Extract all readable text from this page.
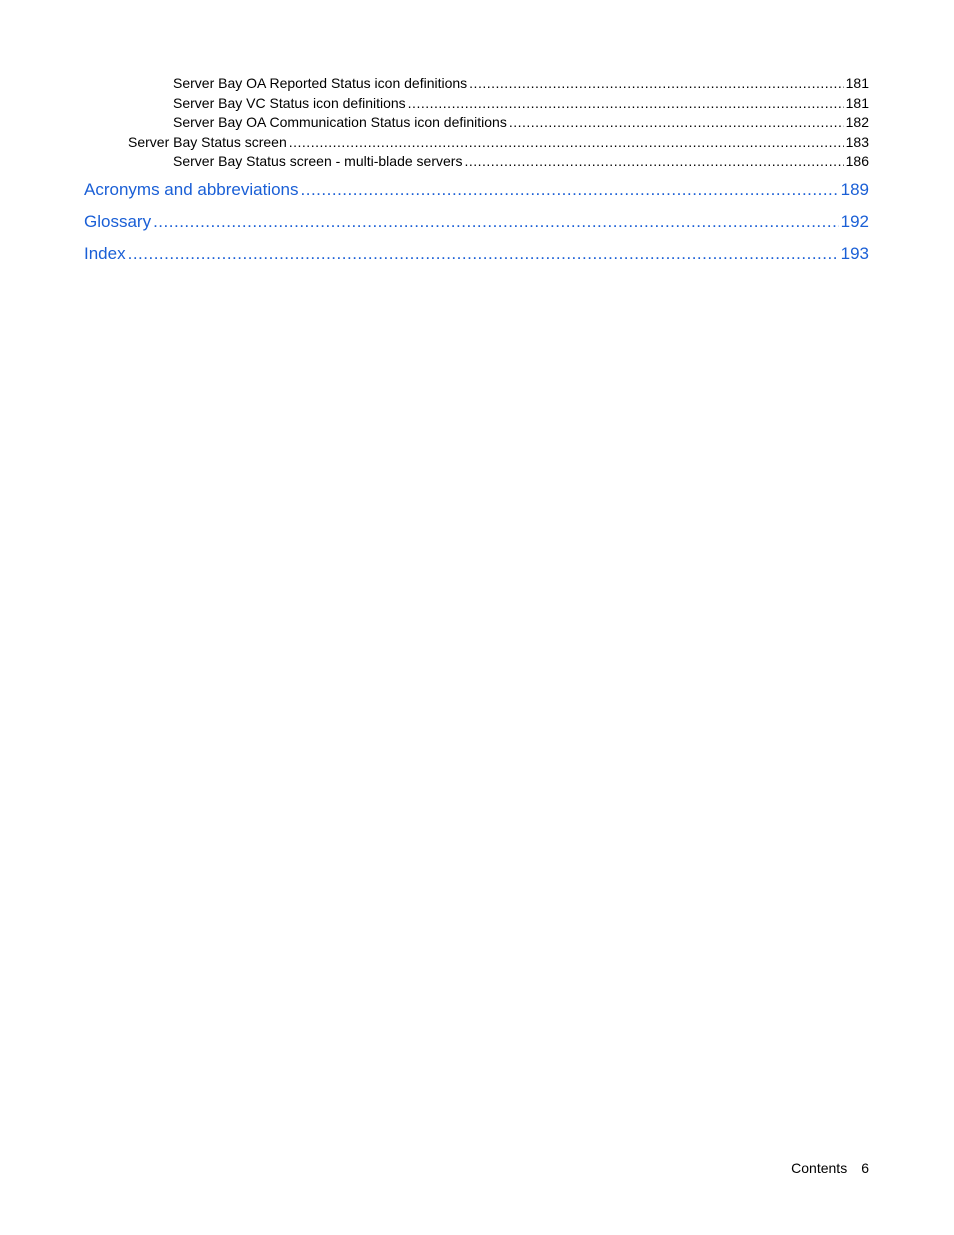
Server Bay OA Reported Status icon definitions .....	181
Server Bay VC Status icon definitions .....	181
Server Bay OA Communication Status icon definitions .....	182
Server Bay Status screen .....	183
Server Bay Status screen - multi-blade servers .....	186
Acronyms and abbreviations .....	189
Glossary .....	192
Index .....	193
Contents 6
